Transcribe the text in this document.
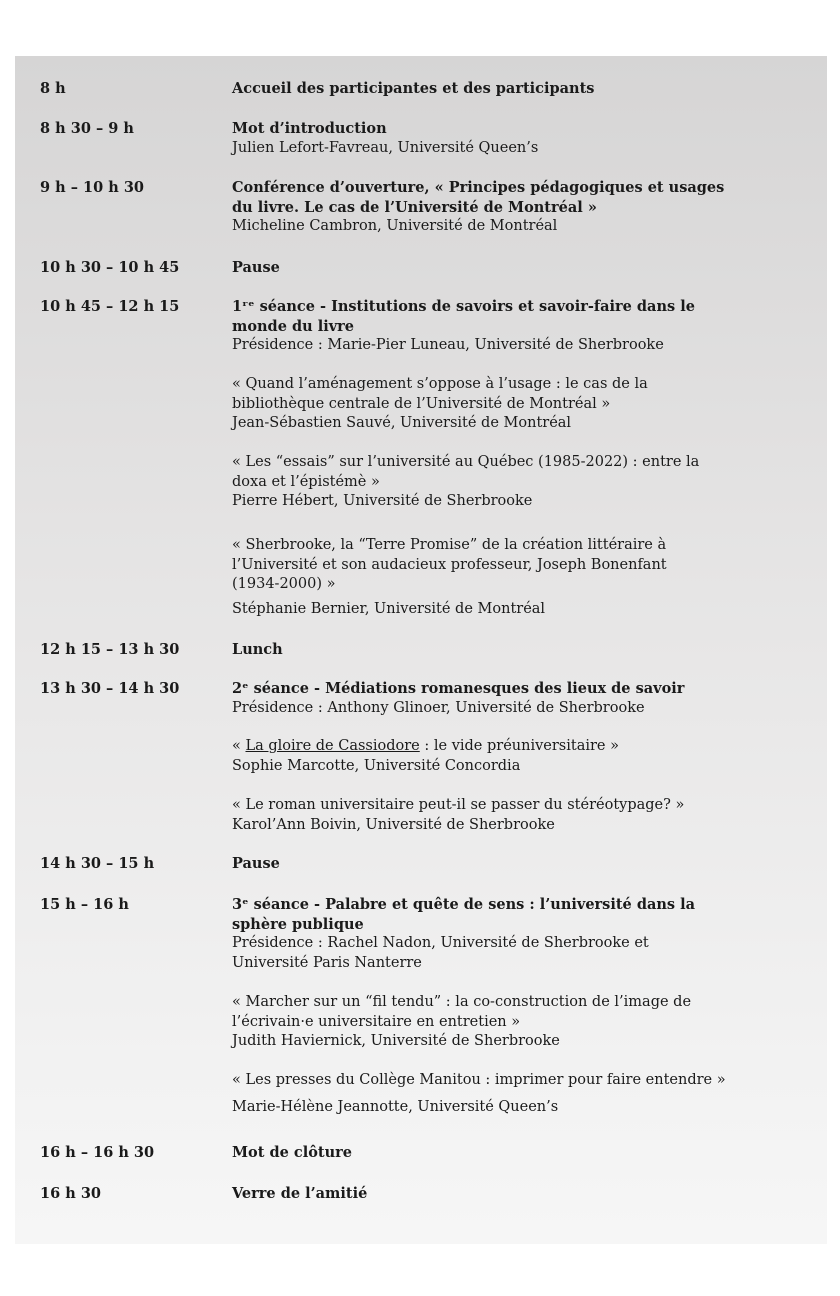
8 h	Accueil des participantes et des participants
8 h 30 – 9 h	Mot d’introduction
Julien Lefort-Favreau, Université Queen’s
9 h – 10 h 30	Conférence d’ouverture, « Principes pédagogiques et usages
du livre. Le cas de l’Université de Montréal »
Micheline Cambron, Université de Montréal
10 h 30 – 10 h 45	Pause
10 h 45 – 12 h 15	1ʳᵉ séance - Institutions de savoirs et savoir-faire dans le
monde du livre
Présidence : Marie-Pier Luneau, Université de Sherbrooke
« Quand l’aménagement s’oppose à l’usage : le cas de la
bibliothèque centrale de l’Université de Montréal »
Jean-Sébastien Sauvé, Université de Montréal
« Les “essais” sur l’université au Québec (1985-2022) : entre la
doxa et l’épistémè »
Pierre Hébert, Université de Sherbrooke
« Sherbrooke, la “Terre Promise” de la création littéraire à
l’Université et son audacieux professeur, Joseph Bonenfant
(1934-2000) »
Stéphanie Bernier, Université de Montréal
12 h 15 – 13 h 30	Lunch
13 h 30 – 14 h 30	2ᵉ séance - Médiations romanesques des lieux de savoir
Présidence : Anthony Glinoer, Université de Sherbrooke
« La gloire de Cassiodore : le vide préuniversitaire »
Sophie Marcotte, Université Concordia
« Le roman universitaire peut-il se passer du stéréotypage? »
Karol’Ann Boivin, Université de Sherbrooke
14 h 30 – 15 h	Pause
15 h – 16 h	3ᵉ séance - Palabre et quête de sens : l’université dans la
sphère publique
Présidence : Rachel Nadon, Université de Sherbrooke et
Université Paris Nanterre
« Marcher sur un “fil tendu” : la co-construction de l’image de
l’écrivain·e universitaire en entretien »
Judith Haviernick, Université de Sherbrooke
« Les presses du Collège Manitou : imprimer pour faire entendre »
Marie-Hélène Jeannotte, Université Queen’s
16 h – 16 h 30	Mot de clôture
16 h 30	Verre de l’amitié
